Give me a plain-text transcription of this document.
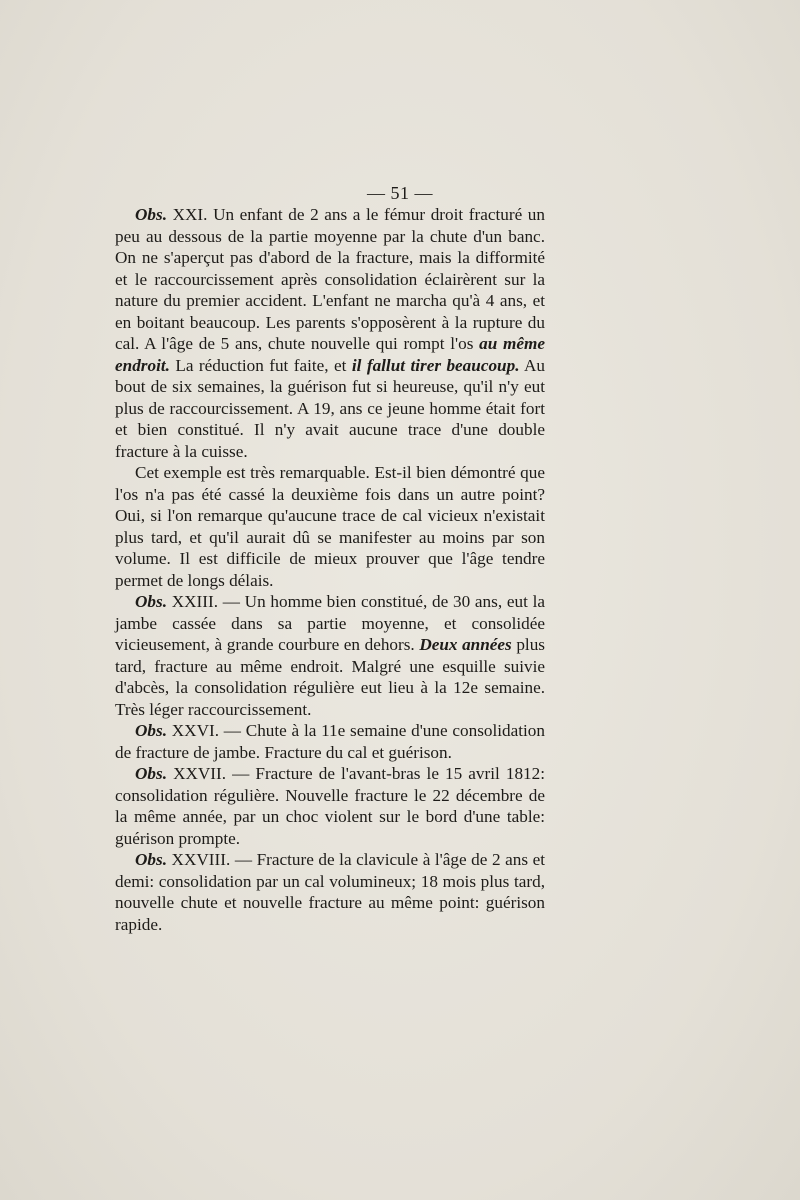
— 51 —

Obs. XXI. Un enfant de 2 ans a le fémur droit fracturé un peu au dessous de la partie moyenne par la chute d'un banc. On ne s'aperçut pas d'abord de la fracture, mais la difformité et le raccourcissement après consolidation éclairèrent sur la nature du premier accident. L'enfant ne marcha qu'à 4 ans, et en boitant beaucoup. Les parents s'opposèrent à la rupture du cal. A l'âge de 5 ans, chute nouvelle qui rompt l'os au même endroit. La réduction fut faite, et il fallut tirer beaucoup. Au bout de six semaines, la guérison fut si heureuse, qu'il n'y eut plus de raccourcissement. A 19, ans ce jeune homme était fort et bien constitué. Il n'y avait aucune trace d'une double fracture à la cuisse.

Cet exemple est très remarquable. Est-il bien démontré que l'os n'a pas été cassé la deuxième fois dans un autre point? Oui, si l'on remarque qu'aucune trace de cal vicieux n'existait plus tard, et qu'il aurait dû se manifester au moins par son volume. Il est difficile de mieux prouver que l'âge tendre permet de longs délais.

Obs. XXIII. — Un homme bien constitué, de 30 ans, eut la jambe cassée dans sa partie moyenne, et consolidée vicieusement, à grande courbure en dehors. Deux années plus tard, fracture au même endroit. Malgré une esquille suivie d'abcès, la consolidation régulière eut lieu à la 12e semaine. Très léger raccourcissement.

Obs. XXVI. — Chute à la 11e semaine d'une consolidation de fracture de jambe. Fracture du cal et guérison.

Obs. XXVII. — Fracture de l'avant-bras le 15 avril 1812: consolidation régulière. Nouvelle fracture le 22 décembre de la même année, par un choc violent sur le bord d'une table: guérison prompte.

Obs. XXVIII. — Fracture de la clavicule à l'âge de 2 ans et demi: consolidation par un cal volumineux; 18 mois plus tard, nouvelle chute et nouvelle fracture au même point: guérison rapide.
